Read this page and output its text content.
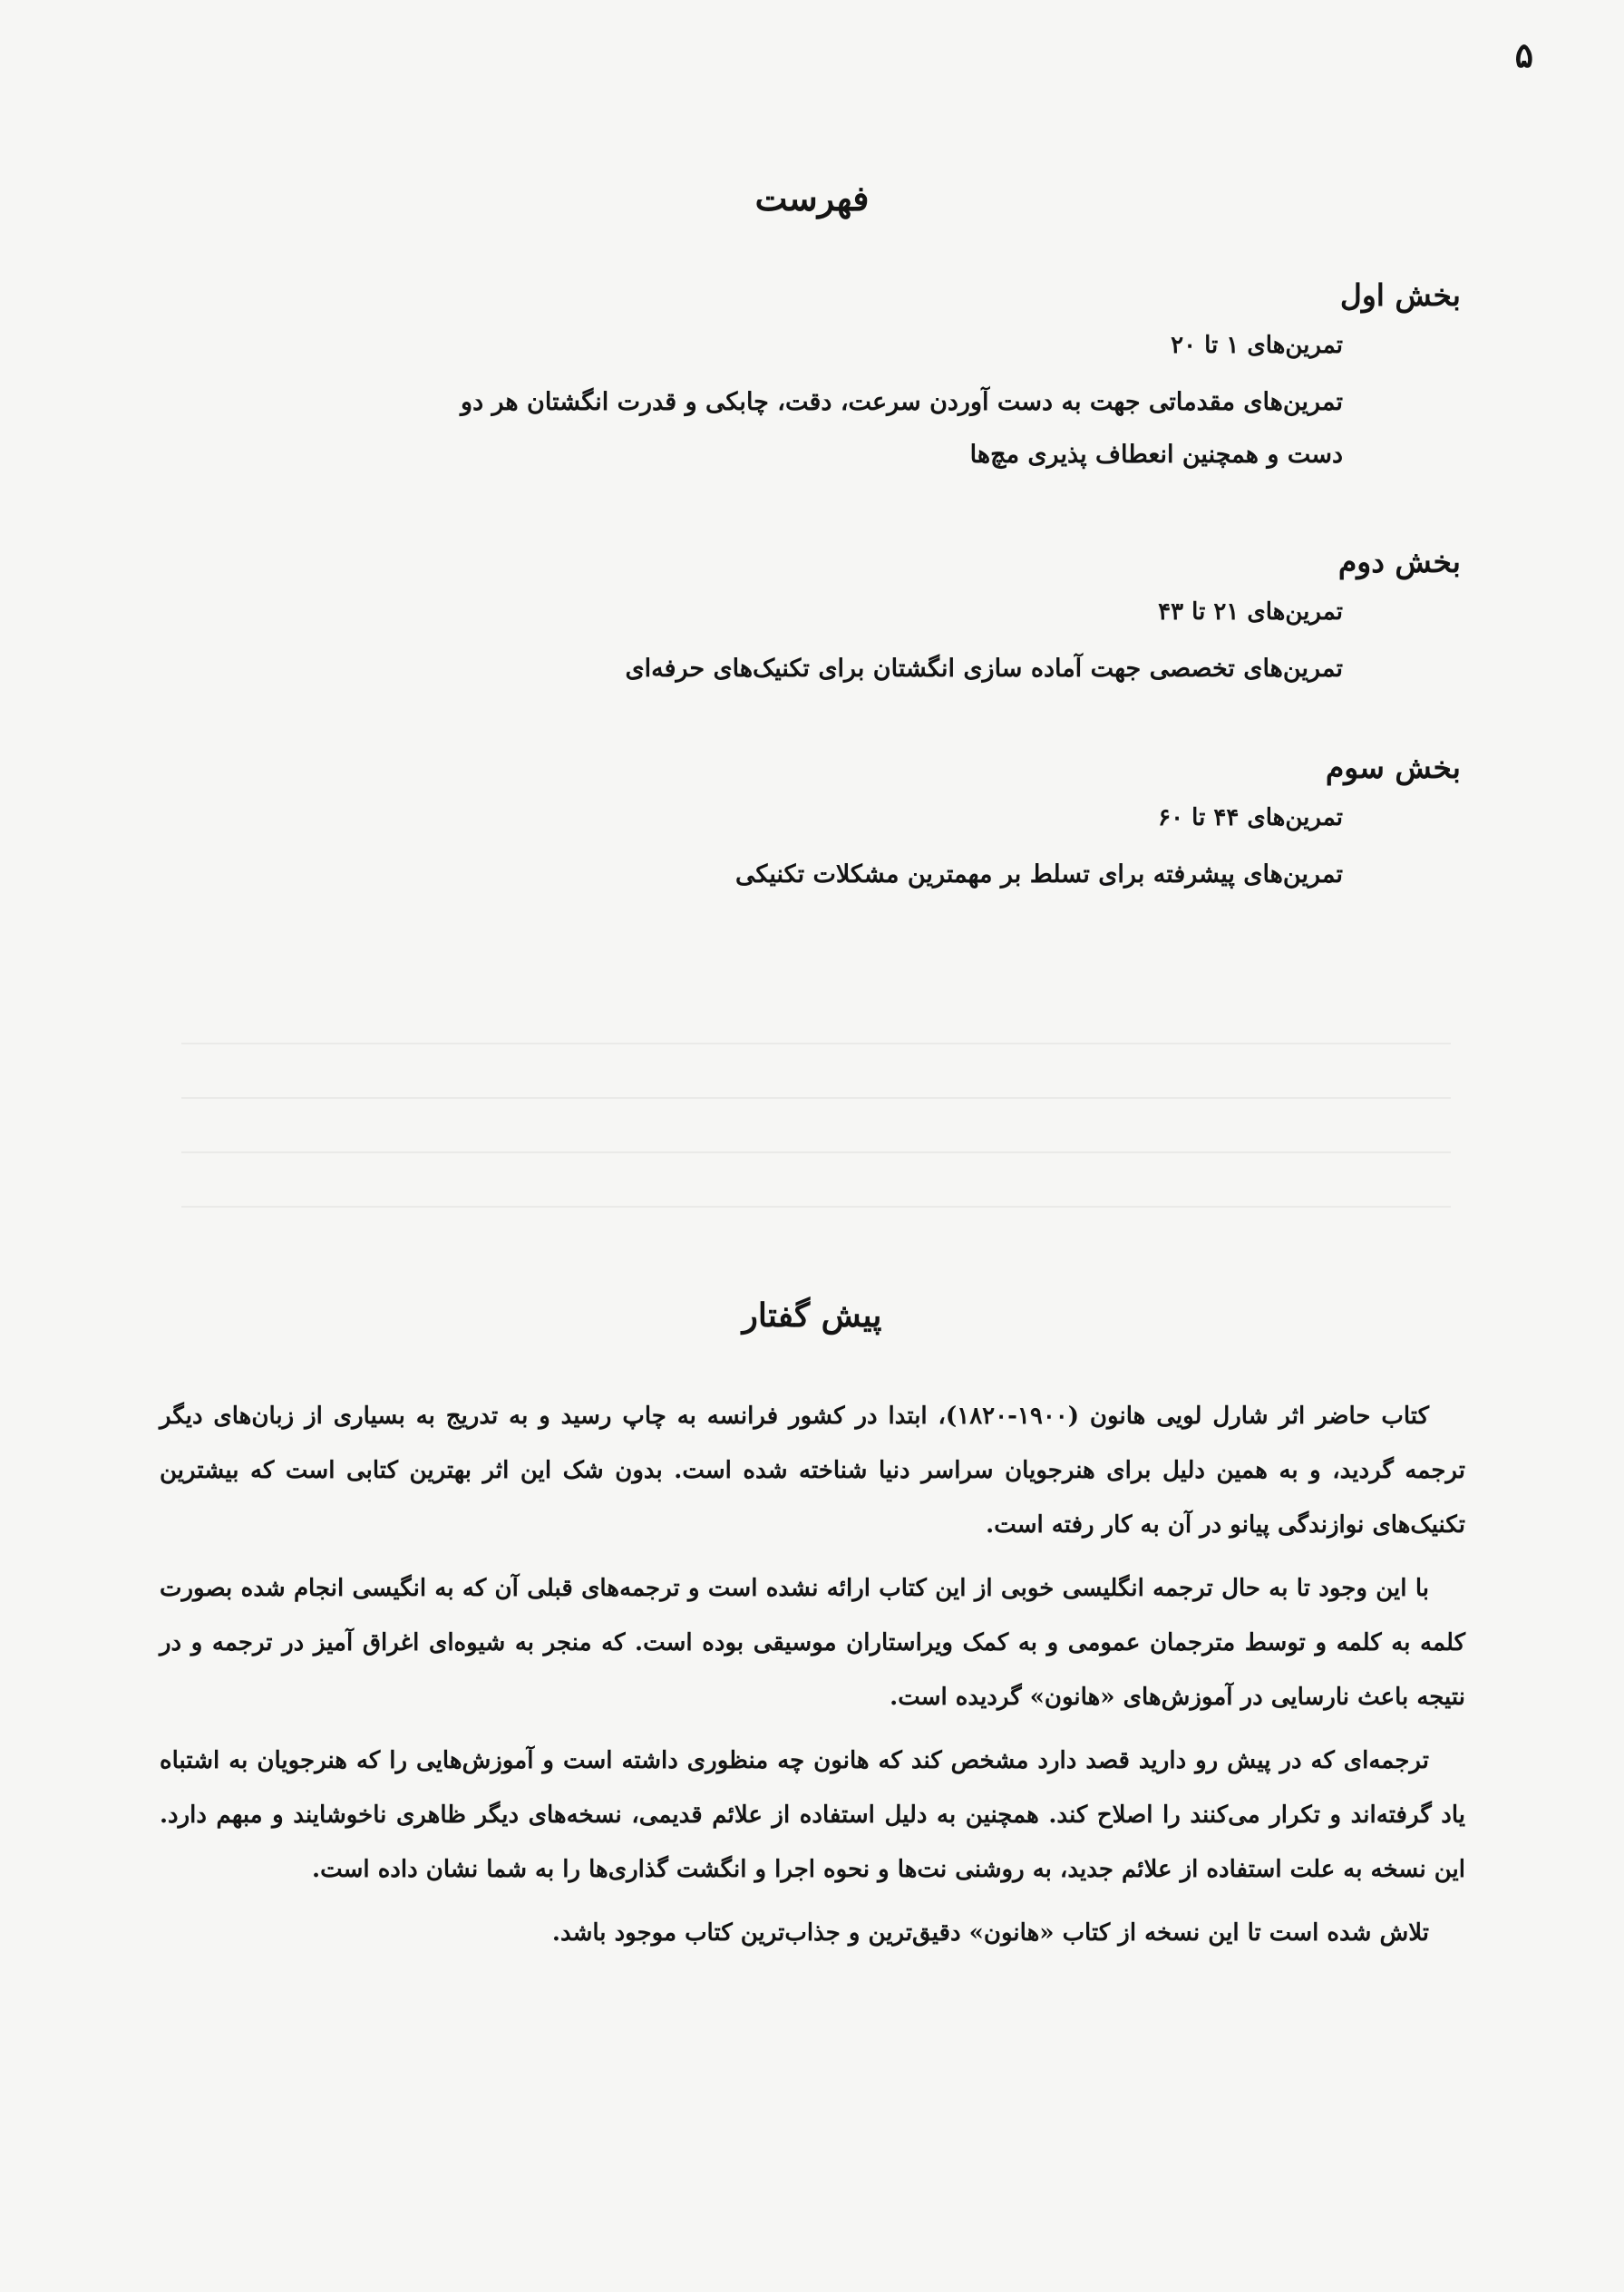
۵
فهرست
بخش اول
تمرین‌های ۱ تا ۲۰
تمرین‌های مقدماتی جهت به دست آوردن سرعت، دقت، چابکی و قدرت انگشتان هر دو دست و همچنین انعطاف پذیری مچ‌ها
بخش دوم
تمرین‌های ۲۱ تا ۴۳
تمرین‌های تخصصی جهت آماده سازی انگشتان برای تکنیک‌های حرفه‌ای
بخش سوم
تمرین‌های ۴۴ تا ۶۰
تمرین‌های پیشرفته برای تسلط بر مهمترین مشکلات تکنیکی
پیش گفتار

کتاب حاضر اثر شارل لویی هانون (۱۹۰۰-۱۸۲۰)، ابتدا در کشور فرانسه به چاپ رسید و به تدریج به بسیاری از زبان‌های دیگر ترجمه گردید، و به همین دلیل برای هنرجویان سراسر دنیا شناخته شده است. بدون شک این اثر بهترین کتابی است که بیشترین تکنیک‌های نوازندگی پیانو در آن به کار رفته است.

با این وجود تا به حال ترجمه انگلیسی خوبی از این کتاب ارائه نشده است و ترجمه‌های قبلی آن که به انگیسی انجام شده بصورت کلمه به کلمه و توسط مترجمان عمومی و به کمک ویراستاران موسیقی بوده است. که منجر به شیوه‌ای اغراق آمیز در ترجمه و در نتیجه باعث نارسایی در آموزش‌های «هانون» گردیده است.

ترجمه‌ای که در پیش رو دارید قصد دارد مشخص کند که هانون چه منظوری داشته است و آموزش‌هایی را که هنرجویان به اشتباه یاد گرفته‌اند و تکرار می‌کنند را اصلاح کند. همچنین به دلیل استفاده از علائم قدیمی، نسخه‌های دیگر ظاهری ناخوشایند و مبهم دارد. این نسخه به علت استفاده از علائم جدید، به روشنی نت‌ها و نحوه اجرا و انگشت گذاری‌ها را به شما نشان داده است.

تلاش شده است تا این نسخه از کتاب «هانون» دقیق‌ترین و جذاب‌ترین کتاب موجود باشد.
